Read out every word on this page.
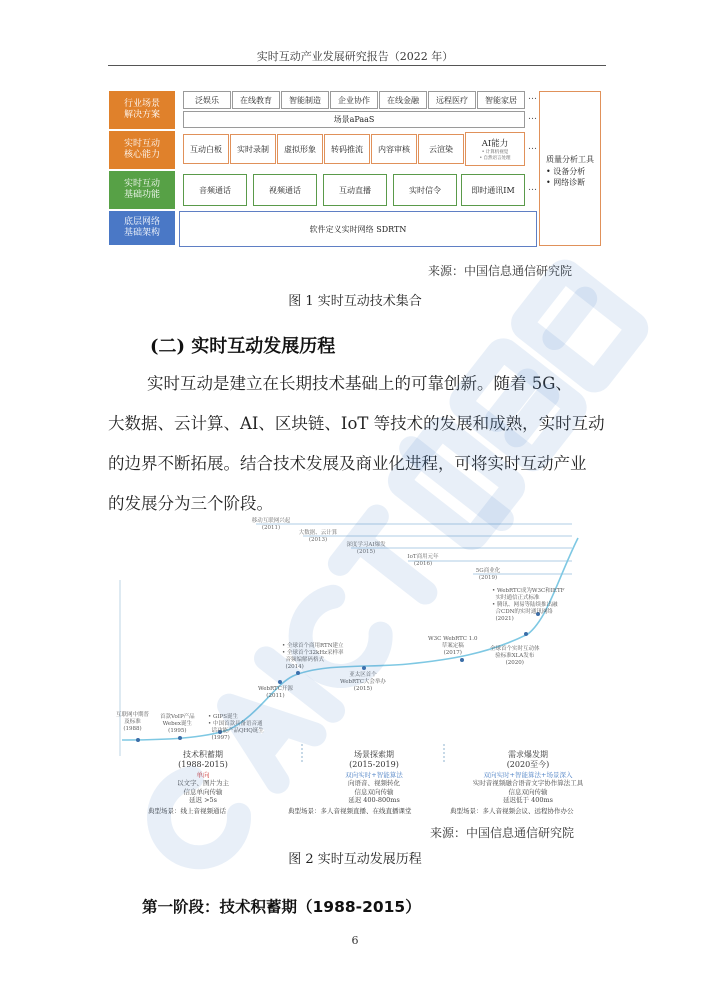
实时互动产业发展研究报告（2022 年）
行业场景
解决方案
实时互动
核心能力
实时互动
基础功能
底层网络
基础架构
泛娱乐	在线教育	智能制造	企业协作	在线金融	远程医疗	智能家居	…
场景aPaaS	…
互动白板	实时录制	虚拟形象	转码推流	内容审核	云渲染	AI能力
• 计算机视觉
• 自然语言处理
…
音频通话	视频通话	互动直播	实时信令	即时通讯IM	…
软件定义实时网络 SDRTN
质量分析工具
• 设备分析
• 网络诊断
来源：中国信息通信研究院
图 1 实时互动技术集合
(二) 实时互动发展历程
实时互动是建立在长期技术基础上的可靠创新。随着 5G、
大数据、云计算、AI、区块链、IoT 等技术的发展和成熟，实时互动
的边界不断拓展。结合技术发展及商业化进程，可将实时互动产业
的发展分为三个阶段。
移动互联网兴起
(2011)
大数据、云计算
(2013)
深度学习AI爆发
(2015)
IoT商用元年
(2016)
5G商业化
(2019)
互联网中期普
及标准
(1988)
首款VoIP产品
Webex诞生
(1995)
• GIPS诞生
• 中国首款具备语音通
话功能产品QHQ诞生
(1997)
WebRTC开源
(2011)
• 全球首个商用RTN建立
• 全球首个32kHz采样率
音频编解码格式
(2014)
亚太区首个
WebRTC大会举办
(2015)
W3C WebRTC 1.0
草案定稿
(2017)
全球首个实时互动体
验标准XLA发布
(2020)
• WebRTC成为W3C和IETF
实时通信正式标准
• 腾讯、网易等陆续推出融
合CDN的实时通讯网络
(2021)
技术积蓄期
(1988-2015)
单向
以文字、图片为主
信息单向传输
延迟 >5s
场景探索期
(2015-2019)
双向实时+智能算法
向语音、视频转化
信息双向传输
延迟 400-800ms
需求爆发期
(2020至今)
双向实时+智能算法+场景深入
实时音视频融合语音文字协作算法工具
信息双向传输
延迟低于 400ms
典型场景：线上音视频通话	典型场景：多人音视频直播、在线直播课堂	典型场景：多人音视频会议、远程协作办公
来源：中国信息通信研究院
图 2 实时互动发展历程
第一阶段：技术积蓄期（1988-2015）
6
